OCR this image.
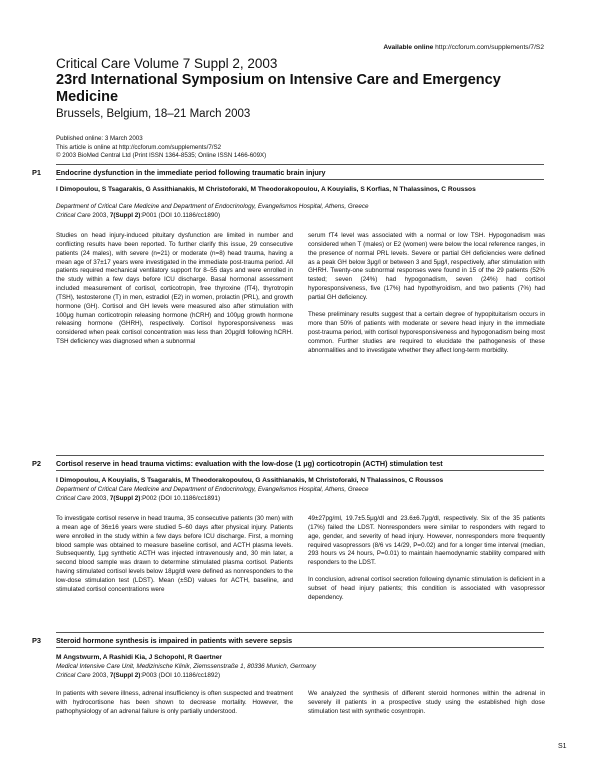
Available online http://ccforum.com/supplements/7/S2
Critical Care Volume 7 Suppl 2, 2003
23rd International Symposium on Intensive Care and Emergency Medicine
Brussels, Belgium, 18–21 March 2003
Published online: 3 March 2003
This article is online at http://ccforum.com/supplements/7/S2
© 2003 BioMed Central Ltd (Print ISSN 1364-8535; Online ISSN 1466-609X)
P1 Endocrine dysfunction in the immediate period following traumatic brain injury
I Dimopoulou, S Tsagarakis, G Assithianakis, M Christoforaki, M Theodorakopoulou, A Kouyialis, S Korfias, N Thalassinos, C Roussos
Department of Critical Care Medicine and Department of Endocrinology, Evangelismos Hospital, Athens, Greece
Critical Care 2003, 7(Suppl 2):P001 (DOI 10.1186/cc1890)

Studies on head injury-induced pituitary dysfunction are limited in number and conflicting results have been reported. To further clarify this issue, 29 consecutive patients (24 males), with severe (n=21) or moderate (n=8) head trauma, having a mean age of 37±17 years were investigated in the immediate post-trauma period. All patients required mechanical ventilatory support for 8–55 days and were enrolled in the study within a few days before ICU discharge. Basal hormonal assessment included measurement of cortisol, corticotropin, free thyroxine (fT4), thyrotropin (TSH), testosterone (T) in men, estradiol (E2) in women, prolactin (PRL), and growth hormone (GH). Cortisol and GH levels were measured also after stimulation with 100μg human corticotropin releasing hormone (hCRH) and 100μg growth hormone releasing hormone (GHRH), respectively. Cortisol hyporesponsiveness was considered when peak cortisol concentration was less than 20μg/dl following hCRH. TSH deficiency was diagnosed when a subnormal

serum fT4 level was associated with a normal or low TSH. Hypogonadism was considered when T (males) or E2 (women) were below the local reference ranges, in the presence of normal PRL levels. Severe or partial GH deficiencies were defined as a peak GH below 3μg/l or between 3 and 5μg/l, respectively, after stimulation with GHRH. Twenty-one subnormal responses were found in 15 of the 29 patients (52% tested; seven (24%) had hypogonadism, seven (24%) had cortisol hyporesponsiveness, five (17%) had hypothyroidism, and two patients (7%) had partial GH deficiency.

These preliminary results suggest that a certain degree of hypopituitarism occurs in more than 50% of patients with moderate or severe head injury in the immediate post-trauma period, with cortisol hyporesponsiveness and hypogonadism being most common. Further studies are required to elucidate the pathogenesis of these abnormalities and to investigate whether they affect long-term morbidity.

P2 Cortisol reserve in head trauma victims: evaluation with the low-dose (1 μg) corticotropin (ACTH) stimulation test
I Dimopoulou, A Kouyialis, S Tsagarakis, M Theodorakopoulou, G Assithianakis, M Christoforaki, N Thalassinos, C Roussos
Department of Critical Care Medicine and Department of Endocrinology, Evangelismos Hospital, Athens, Greece
Critical Care 2003, 7(Suppl 2):P002 (DOI 10.1186/cc1891)

To investigate cortisol reserve in head trauma, 35 consecutive patients (30 men) with a mean age of 36±16 years were studied 5–60 days after physical injury. Patients were enrolled in the study within a few days before ICU discharge. First, a morning blood sample was obtained to measure baseline cortisol, and ACTH plasma levels. Subsequently, 1μg synthetic ACTH was injected intravenously and, 30 min later, a second blood sample was drawn to determine stimulated plasma cortisol. Patients having stimulated cortisol levels below 18μg/dl were defined as nonresponders to the low-dose stimulation test (LDST). Mean (±SD) values for ACTH, baseline, and stimulated cortisol concentrations were

49±27pg/ml, 19.7±5.5μg/dl and 23.6±6.7μg/dl, respectively. Six of the 35 patients (17%) failed the LDST. Nonresponders were similar to responders with regard to age, gender, and severity of head injury. However, nonresponders more frequently required vasopressors (8/6 vs 14/29, P=0.02) and for a longer time interval (median, 293 hours vs 24 hours, P=0.01) to maintain haemodynamic stability compared with responders to the LDST.

In conclusion, adrenal cortisol secretion following dynamic stimulation is deficient in a subset of head injury patients; this condition is associated with vasopressor dependency.

P3 Steroid hormone synthesis is impaired in patients with severe sepsis
M Angstwurm, A Rashidi Kia, J Schopohl, R Gaertner
Medical Intensive Care Unit, Medizinische Klinik, Ziemssenstraße 1, 80336 Munich, Germany
Critical Care 2003, 7(Suppl 2):P003 (DOI 10.1186/cc1892)

In patients with severe illness, adrenal insufficiency is often suspected and treatment with hydrocortisone has been shown to decrease mortality. However, the pathophysiology of an adrenal failure is only partially understood.

We analyzed the synthesis of different steroid hormones within the adrenal in severely ill patients in a prospective study using the established high dose stimulation test with synthetic cosyntropin.

S1
